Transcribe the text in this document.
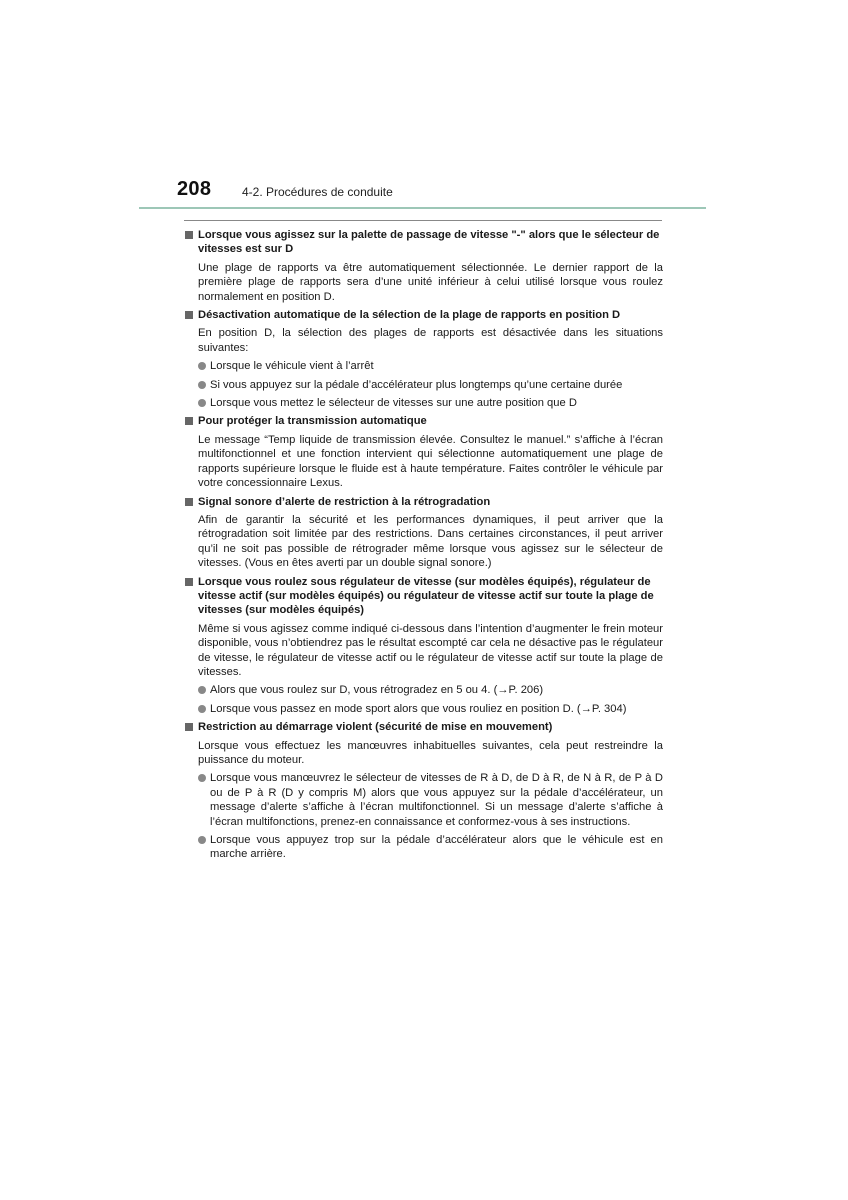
208	4-2. Procédures de conduite
Lorsque vous agissez sur la palette de passage de vitesse "-" alors que le sélecteur de vitesses est sur D
Une plage de rapports va être automatiquement sélectionnée. Le dernier rapport de la première plage de rapports sera d’une unité inférieur à celui utilisé lorsque vous roulez normalement en position D.
Désactivation automatique de la sélection de la plage de rapports en position D
En position D, la sélection des plages de rapports est désactivée dans les situations suivantes:
Lorsque le véhicule vient à l’arrêt
Si vous appuyez sur la pédale d’accélérateur plus longtemps qu’une certaine durée
Lorsque vous mettez le sélecteur de vitesses sur une autre position que D
Pour protéger la transmission automatique
Le message “Temp liquide de transmission élevée. Consultez le manuel.” s’affiche à l’écran multifonctionnel et une fonction intervient qui sélectionne automatiquement une plage de rapports supérieure lorsque le fluide est à haute température. Faites contrôler le véhicule par votre concessionnaire Lexus.
Signal sonore d’alerte de restriction à la rétrogradation
Afin de garantir la sécurité et les performances dynamiques, il peut arriver que la rétrogradation soit limitée par des restrictions. Dans certaines circonstances, il peut arriver qu’il ne soit pas possible de rétrograder même lorsque vous agissez sur le sélecteur de vitesses. (Vous en êtes averti par un double signal sonore.)
Lorsque vous roulez sous régulateur de vitesse (sur modèles équipés), régulateur de vitesse actif (sur modèles équipés) ou régulateur de vitesse actif sur toute la plage de vitesses (sur modèles équipés)
Même si vous agissez comme indiqué ci-dessous dans l’intention d’augmenter le frein moteur disponible, vous n’obtiendrez pas le résultat escompté car cela ne désactive pas le régulateur de vitesse, le régulateur de vitesse actif ou le régulateur de vitesse actif sur toute la plage de vitesses.
Alors que vous roulez sur D, vous rétrogradez en 5 ou 4. (→P. 206)
Lorsque vous passez en mode sport alors que vous rouliez en position D. (→P. 304)
Restriction au démarrage violent (sécurité de mise en mouvement)
Lorsque vous effectuez les manœuvres inhabituelles suivantes, cela peut restreindre la puissance du moteur.
Lorsque vous manœuvrez le sélecteur de vitesses de R à D, de D à R, de N à R, de P à D ou de P à R (D y compris M) alors que vous appuyez sur la pédale d’accélérateur, un message d’alerte s’affiche à l’écran multifonctionnel. Si un message d’alerte s’affiche à l’écran multifonctions, prenez-en connaissance et conformez-vous à ses instructions.
Lorsque vous appuyez trop sur la pédale d’accélérateur alors que le véhicule est en marche arrière.
